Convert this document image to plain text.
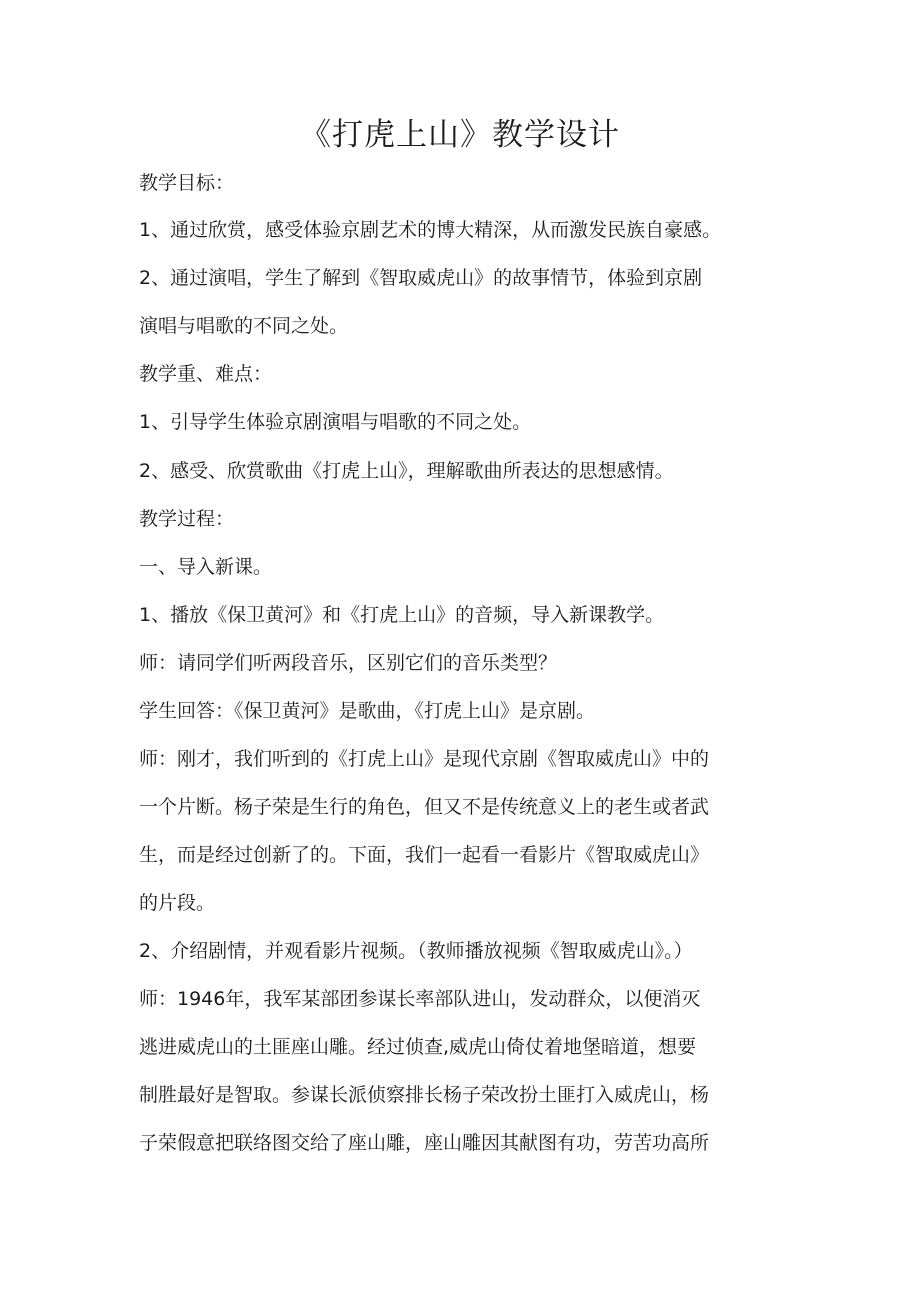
《打虎上山》教学设计
教学目标：
1、通过欣赏，感受体验京剧艺术的博大精深，从而激发民族自豪感。
2、通过演唱，学生了解到《智取威虎山》的故事情节，体验到京剧
演唱与唱歌的不同之处。
教学重、难点：
1、引导学生体验京剧演唱与唱歌的不同之处。
2、感受、欣赏歌曲《打虎上山》，理解歌曲所表达的思想感情。
教学过程：
一、导入新课。
1、播放《保卫黄河》和《打虎上山》的音频，导入新课教学。
师：请同学们听两段音乐，区别它们的音乐类型？
学生回答：《保卫黄河》是歌曲，《打虎上山》是京剧。
师：刚才，我们听到的《打虎上山》是现代京剧《智取威虎山》中的
一个片断。杨子荣是生行的角色，但又不是传统意义上的老生或者武
生，而是经过创新了的。下面，我们一起看一看影片《智取威虎山》
的片段。
2、介绍剧情，并观看影片视频。（教师播放视频《智取威虎山》。）
师：1946年，我军某部团参谋长率部队进山，发动群众，以便消灭
逃进威虎山的土匪座山雕。经过侦查,威虎山倚仗着地堡暗道，想要
制胜最好是智取。参谋长派侦察排长杨子荣改扮土匪打入威虎山，杨
子荣假意把联络图交给了座山雕，座山雕因其献图有功，劳苦功高所
